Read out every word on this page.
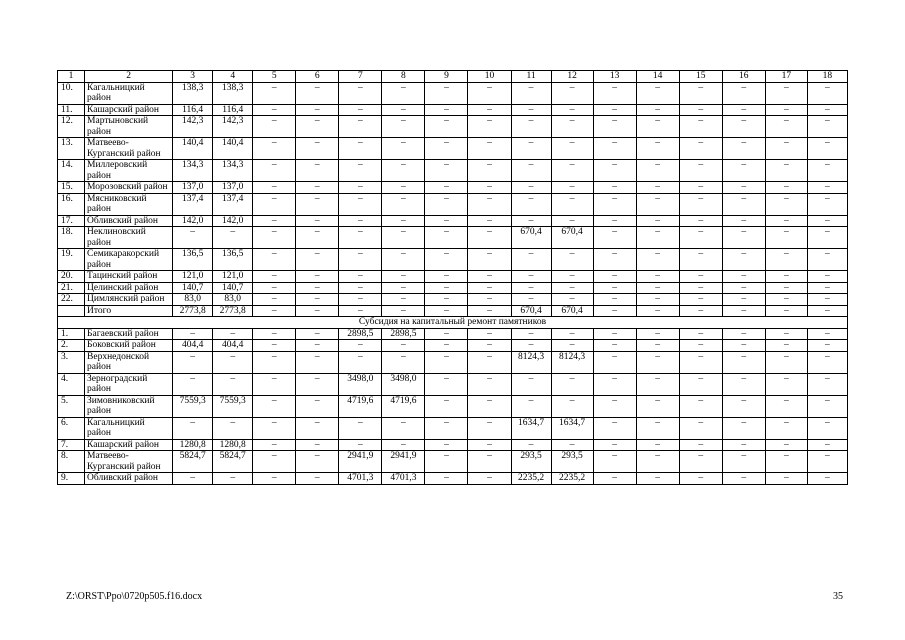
1	2	3	4	5	6	7	8	9	10	11	12	13	14	15	16	17	18
10.	Кагальницкий район	138,3	138,3	–	–	–	–	–	–	–	–	–	–	–	–	–	–
11.	Кашарский район	116,4	116,4	–	–	–	–	–	–	–	–	–	–	–	–	–	–
12.	Мартыновский район	142,3	142,3	–	–	–	–	–	–	–	–	–	–	–	–	–	–
13.	Матвеево-Курганский район	140,4	140,4	–	–	–	–	–	–	–	–	–	–	–	–	–	–
14.	Миллеровский район	134,3	134,3	–	–	–	–	–	–	–	–	–	–	–	–	–	–
15.	Морозовский район	137,0	137,0	–	–	–	–	–	–	–	–	–	–	–	–	–	–
16.	Мясниковский район	137,4	137,4	–	–	–	–	–	–	–	–	–	–	–	–	–	–
17.	Обливский район	142,0	142,0	–	–	–	–	–	–	–	–	–	–	–	–	–	–
18.	Неклиновский район	–	–	–	–	–	–	–	–	670,4	670,4	–	–	–	–	–	–
19.	Семикаракорский район	136,5	136,5	–	–	–	–	–	–	–	–	–	–	–	–	–	–
20.	Тацинский район	121,0	121,0	–	–	–	–	–	–	–	–	–	–	–	–	–	–
21.	Целинский район	140,7	140,7	–	–	–	–	–	–	–	–	–	–	–	–	–	–
22.	Цимлянский район	83,0	83,0	–	–	–	–	–	–	–	–	–	–	–	–	–	–
	Итого	2773,8	2773,8	–	–	–	–	–	–	670,4	670,4	–	–	–	–	–	–
Субсидия на капитальный ремонт памятников																	
1.	Багаевский район	–	–	–	–	2898,5	2898,5	–	–	–	–	–	–	–	–	–	–
2.	Боковский район	404,4	404,4	–	–	–	–	–	–	–	–	–	–	–	–	–	–
3.	Верхнедонской район	–	–	–	–	–	–	–	–	8124,3	8124,3	–	–	–	–	–	–
4.	Зерноградский район	–	–	–	–	3498,0	3498,0	–	–	–	–	–	–	–	–	–	–
5.	Зимовниковский район	7559,3	7559,3	–	–	4719,6	4719,6	–	–	–	–	–	–	–	–	–	–
6.	Кагальницкий район	–	–	–	–	–	–	–	–	1634,7	1634,7	–	–	–	–	–	–
7.	Кашарский район	1280,8	1280,8	–	–	–	–	–	–	–	–	–	–	–	–	–	–
8.	Матвеево-Курганский район	5824,7	5824,7	–	–	2941,9	2941,9	–	–	293,5	293,5	–	–	–	–	–	–
9.	Обливский район	–	–	–	–	4701,3	4701,3	–	–	2235,2	2235,2	–	–	–	–	–	–
Z:\ORST\Ppo\0720p505.f16.docx	35
